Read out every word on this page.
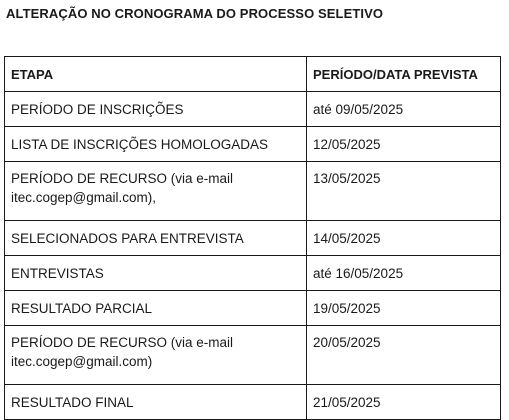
ALTERAÇÃO NO CRONOGRAMA DO PROCESSO SELETIVO
ETAPA	PERÍODO/DATA PREVISTA

PERÍODO DE INSCRIÇÕES	até 09/05/2025

LISTA DE INSCRIÇÕES HOMOLOGADAS	12/05/2025

PERÍODO DE RECURSO (via e-mail itec.cogep@gmail.com),	13/05/2025

SELECIONADOS PARA ENTREVISTA	14/05/2025

ENTREVISTAS	até 16/05/2025

RESULTADO PARCIAL	19/05/2025

PERÍODO DE RECURSO (via e-mail itec.cogep@gmail.com)	20/05/2025

RESULTADO FINAL	21/05/2025
